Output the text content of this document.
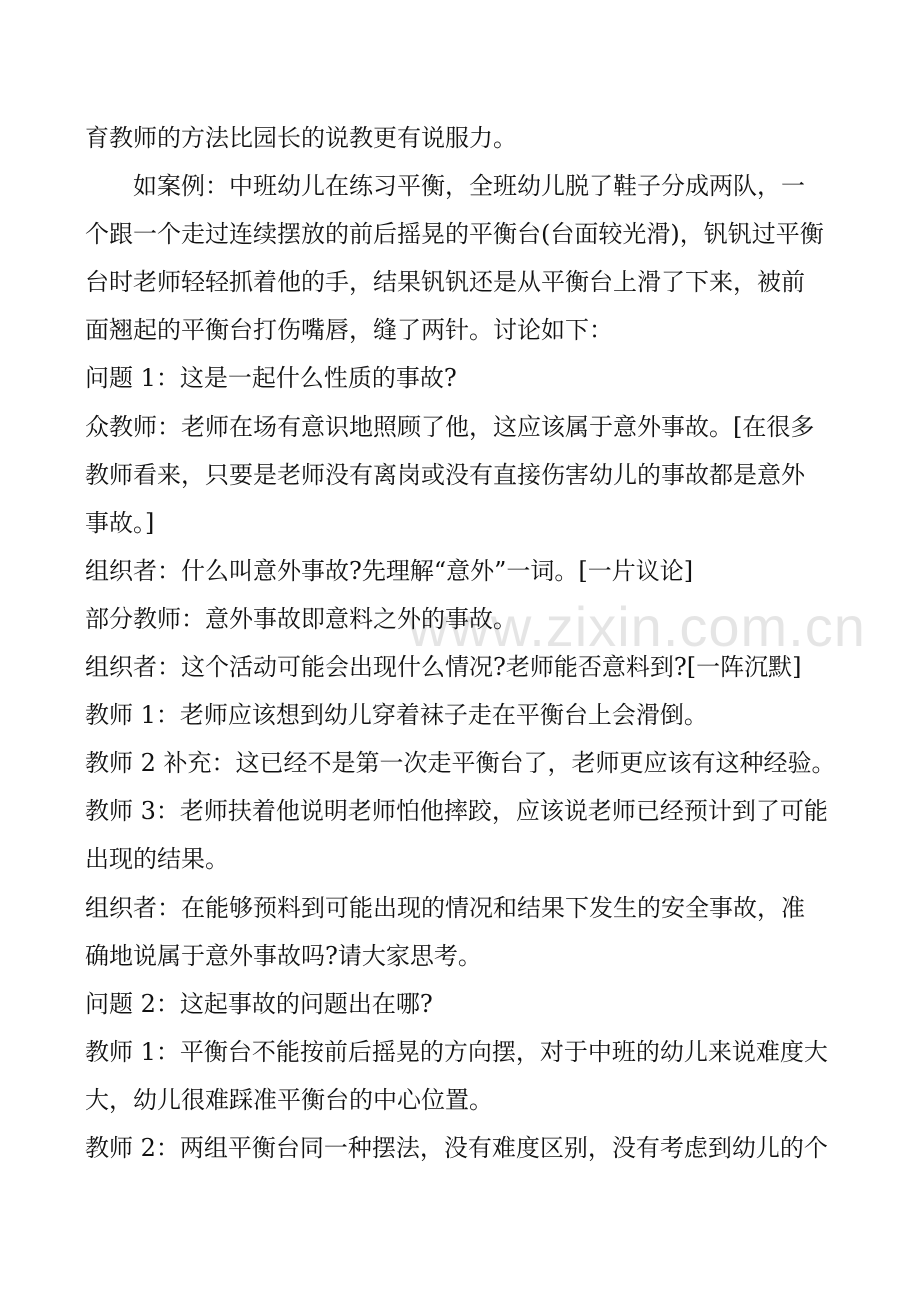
育教师的方法比园长的说教更有说服力。
如案例：中班幼儿在练习平衡，全班幼儿脱了鞋子分成两队，一
个跟一个走过连续摆放的前后摇晃的平衡台(台面较光滑)，钒钒过平衡
台时老师轻轻抓着他的手，结果钒钒还是从平衡台上滑了下来，被前
面翘起的平衡台打伤嘴唇，缝了两针。讨论如下：
问题 1：这是一起什么性质的事故?
众教师：老师在场有意识地照顾了他，这应该属于意外事故。[在很多
教师看来，只要是老师没有离岗或没有直接伤害幼儿的事故都是意外
事故。]
组织者：什么叫意外事故?先理解“意外”一词。[一片议论]
部分教师：意外事故即意料之外的事故。
组织者：这个活动可能会出现什么情况?老师能否意料到?[一阵沉默]
教师 1：老师应该想到幼儿穿着袜子走在平衡台上会滑倒。
教师 2 补充：这已经不是第一次走平衡台了，老师更应该有这种经验。
教师 3：老师扶着他说明老师怕他摔跤，应该说老师已经预计到了可能
出现的结果。
组织者：在能够预料到可能出现的情况和结果下发生的安全事故，准
确地说属于意外事故吗?请大家思考。
问题 2：这起事故的问题出在哪?
教师 1：平衡台不能按前后摇晃的方向摆，对于中班的幼儿来说难度大
大，幼儿很难踩准平衡台的中心位置。
教师 2：两组平衡台同一种摆法，没有难度区别，没有考虑到幼儿的个
www.zixin.com.cn
